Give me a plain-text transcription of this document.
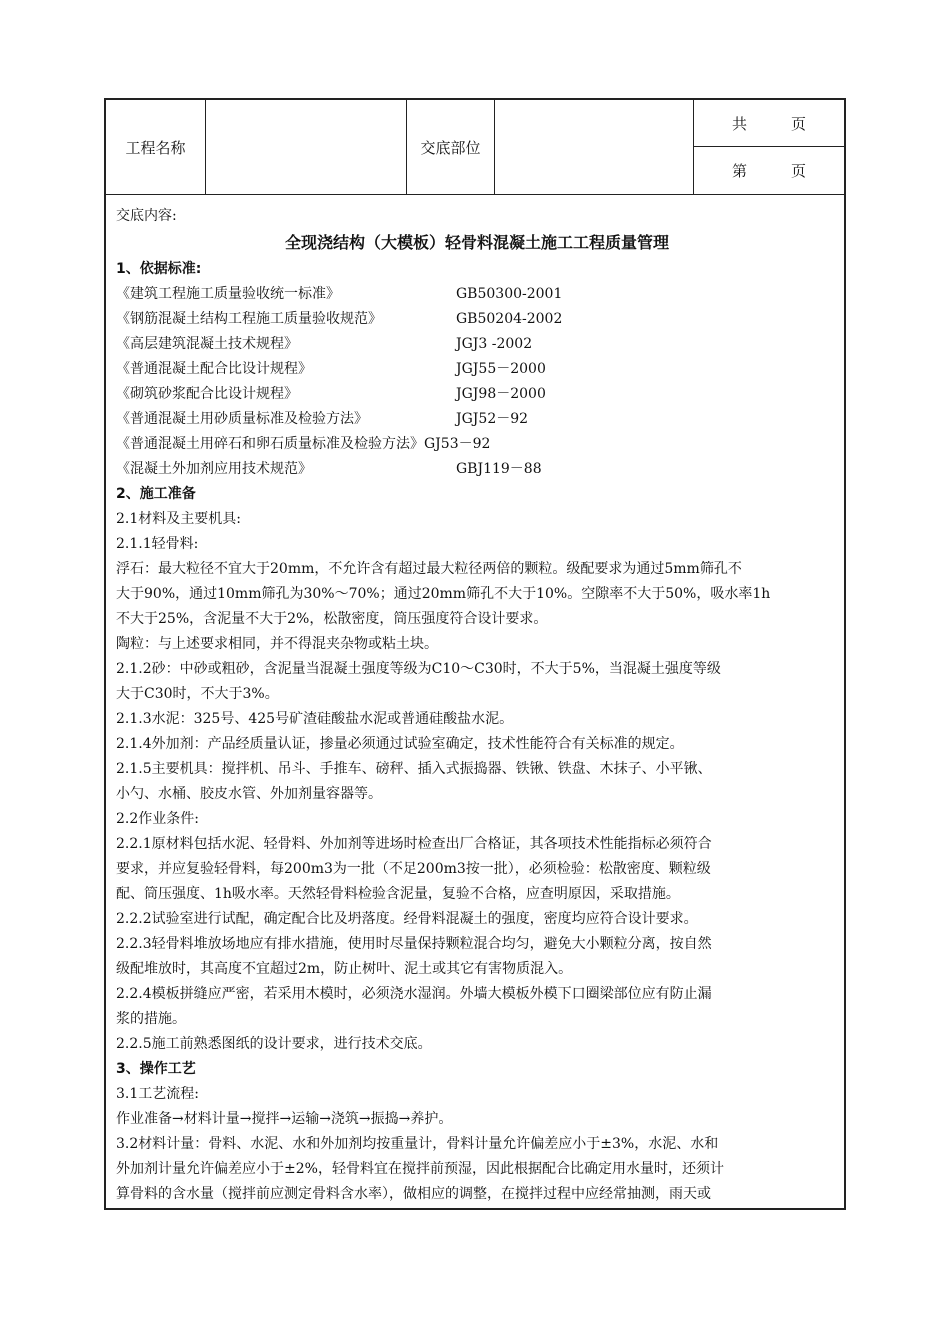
工程名称	交底部位
共	页
第	页
交底内容:
全现浇结构（大模板）轻骨料混凝土施工工程质量管理
1、依据标准:
《建筑工程施工质量验收统一标准》	GB50300-2001
《钢筋混凝土结构工程施工质量验收规范》	GB50204-2002
《高层建筑混凝土技术规程》	JGJ3 -2002
《普通混凝土配合比设计规程》	JGJ55－2000
《砌筑砂浆配合比设计规程》	JGJ98－2000
《普通混凝土用砂质量标准及检验方法》	JGJ52－92
《普通混凝土用碎石和卵石质量标准及检验方法》 GJ53－92
《混凝土外加剂应用技术规范》	GBJ119－88
2、施工准备
2.1材料及主要机具:
2.1.1轻骨料:
浮石：最大粒径不宜大于20mm，不允许含有超过最大粒径两倍的颗粒。级配要求为通过5mm筛孔不
大于90%，通过10mm筛孔为30%～70%；通过20mm筛孔不大于10%。空隙率不大于50%，吸水率1h
不大于25%，含泥量不大于2%，松散密度，筒压强度符合设计要求。
陶粒：与上述要求相同，并不得混夹杂物或粘土块。
2.1.2砂：中砂或粗砂，含泥量当混凝土强度等级为C10～C30时，不大于5%，当混凝土强度等级
大于C30时，不大于3%。
2.1.3水泥：325号、425号矿渣硅酸盐水泥或普通硅酸盐水泥。
2.1.4外加剂：产品经质量认证，掺量必须通过试验室确定，技术性能符合有关标准的规定。
2.1.5主要机具：搅拌机、吊斗、手推车、磅秤、插入式振捣器、铁锹、铁盘、木抹子、小平锹、
小勺、水桶、胶皮水管、外加剂量容器等。
2.2作业条件:
2.2.1原材料包括水泥、轻骨料、外加剂等进场时检查出厂合格证，其各项技术性能指标必须符合
要求，并应复验轻骨料，每200m3为一批（不足200m3按一批），必须检验：松散密度、颗粒级
配、筒压强度、1h吸水率。天然轻骨料检验含泥量，复验不合格，应查明原因，采取措施。
2.2.2试验室进行试配，确定配合比及坍落度。经骨料混凝土的强度，密度均应符合设计要求。
2.2.3轻骨料堆放场地应有排水措施，使用时尽量保持颗粒混合均匀，避免大小颗粒分离，按自然
级配堆放时，其高度不宜超过2m，防止树叶、泥土或其它有害物质混入。
2.2.4模板拼缝应严密，若采用木模时，必须浇水湿润。外墙大模板外模下口圈梁部位应有防止漏
浆的措施。
2.2.5施工前熟悉图纸的设计要求，进行技术交底。
3、操作工艺
3.1工艺流程:
作业准备→材料计量→搅拌→运输→浇筑→振捣→养护。
3.2材料计量：骨料、水泥、水和外加剂均按重量计，骨料计量允许偏差应小于±3%，水泥、水和
外加剂计量允许偏差应小于±2%，轻骨料宜在搅拌前预湿，因此根据配合比确定用水量时，还须计
算骨料的含水量（搅拌前应测定骨料含水率），做相应的调整，在搅拌过程中应经常抽测，雨天或
